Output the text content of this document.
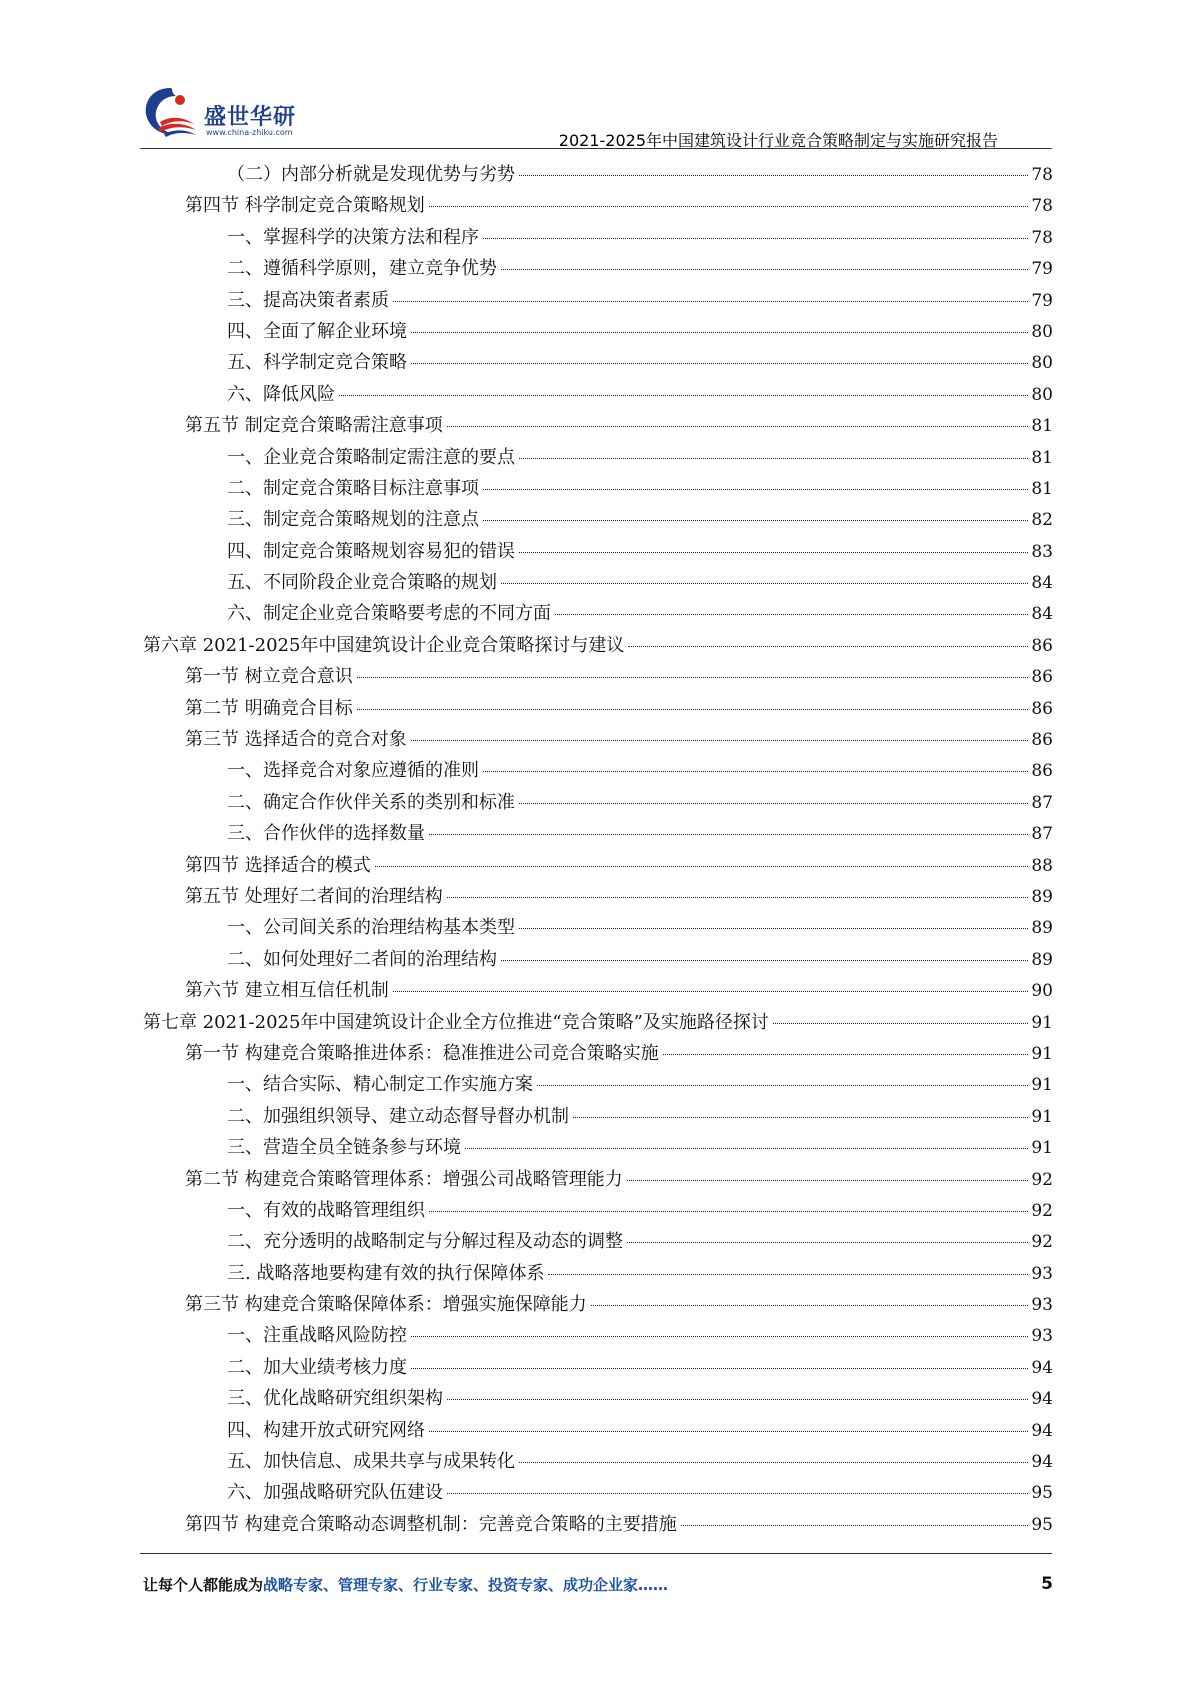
盛世华研
www.china-zhiku.com	2021-2025年中国建筑设计行业竞合策略制定与实施研究报告
（二）内部分析就是发现优势与劣势	78
第四节 科学制定竞合策略规划	78
一、掌握科学的决策方法和程序	78
二、遵循科学原则，建立竞争优势	79
三、提高决策者素质	79
四、全面了解企业环境	80
五、科学制定竞合策略	80
六、降低风险	80
第五节 制定竞合策略需注意事项	81
一、企业竞合策略制定需注意的要点	81
二、制定竞合策略目标注意事项	81
三、制定竞合策略规划的注意点	82
四、制定竞合策略规划容易犯的错误	83
五、不同阶段企业竞合策略的规划	84
六、制定企业竞合策略要考虑的不同方面	84
第六章 2021-2025年中国建筑设计企业竞合策略探讨与建议	86
第一节 树立竞合意识	86
第二节 明确竞合目标	86
第三节 选择适合的竞合对象	86
一、选择竞合对象应遵循的准则	86
二、确定合作伙伴关系的类别和标准	87
三、合作伙伴的选择数量	87
第四节 选择适合的模式	88
第五节 处理好二者间的治理结构	89
一、公司间关系的治理结构基本类型	89
二、如何处理好二者间的治理结构	89
第六节 建立相互信任机制	90
第七章 2021-2025年中国建筑设计企业全方位推进“竞合策略”及实施路径探讨	91
第一节 构建竞合策略推进体系：稳准推进公司竞合策略实施	91
一、结合实际、精心制定工作实施方案	91
二、加强组织领导、建立动态督导督办机制	91
三、营造全员全链条参与环境	91
第二节 构建竞合策略管理体系：增强公司战略管理能力	92
一、有效的战略管理组织	92
二、充分透明的战略制定与分解过程及动态的调整	92
三. 战略落地要构建有效的执行保障体系	93
第三节 构建竞合策略保障体系：增强实施保障能力	93
一、注重战略风险防控	93
二、加大业绩考核力度	94
三、优化战略研究组织架构	94
四、构建开放式研究网络	94
五、加快信息、成果共享与成果转化	94
六、加强战略研究队伍建设	95
第四节 构建竞合策略动态调整机制：完善竞合策略的主要措施	95
让每个人都能成为战略专家、管理专家、行业专家、投资专家、成功企业家……	5
